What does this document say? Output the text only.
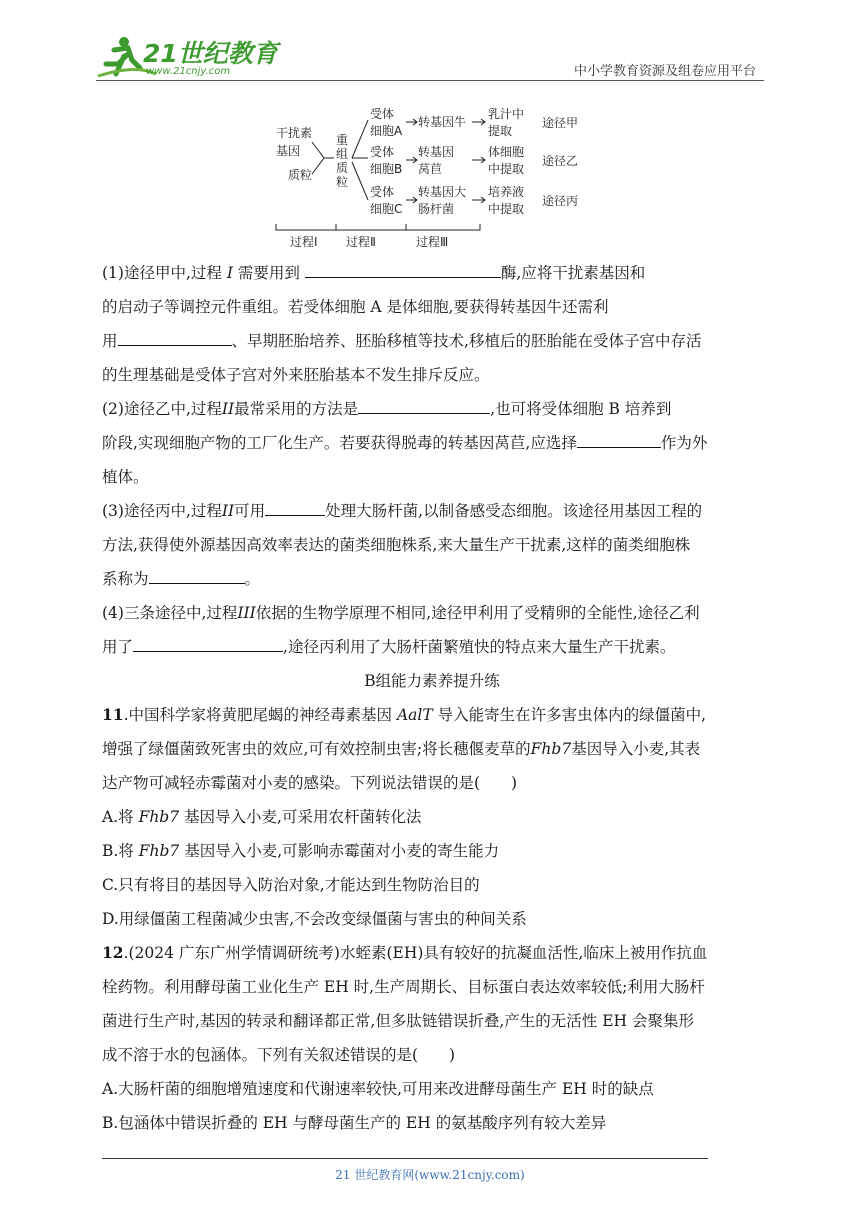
21世纪教育
www.21cnjy.com	中小学教育资源及组卷应用平台
干扰素
基因
质粒
重
组
质
粒
受体
细胞A
受体
细胞B
受体
细胞C
转基因牛
转基因
莴苣
转基因大
肠杆菌
乳汁中
提取
体细胞
中提取
培养液
中提取
途径甲
途径乙
途径丙
过程Ⅰ 过程Ⅱ	过程Ⅲ

(1)途径甲中,过程 I 需要用到	酶,应将干扰素基因和
的启动子等调控元件重组。若受体细胞 A 是体细胞,要获得转基因牛还需利
用	、早期胚胎培养、胚胎移植等技术,移植后的胚胎能在受体子宫中存活
的生理基础是受体子宫对外来胚胎基本不发生排斥反应。

(2)途径乙中,过程II最常采用的方法是	,也可将受体细胞 B 培养到
阶段,实现细胞产物的工厂化生产。若要获得脱毒的转基因莴苣,应选择	作为外
植体。

(3)途径丙中,过程II可用	处理大肠杆菌,以制备感受态细胞。该途径用基因工程的
方法,获得使外源基因高效率表达的菌类细胞株系,来大量生产干扰素,这样的菌类细胞株
系称为	。

(4)三条途径中,过程III依据的生物学原理不相同,途径甲利用了受精卵的全能性,途径乙利
用了	,途径丙利用了大肠杆菌繁殖快的特点来大量生产干扰素。

B组能力素养提升练

11.中国科学家将黄肥尾蝎的神经毒素基因 AalT 导入能寄生在许多害虫体内的绿僵菌中,
增强了绿僵菌致死害虫的效应,可有效控制虫害;将长穗偃麦草的Fhb7基因导入小麦,其表
达产物可减轻赤霉菌对小麦的感染。下列说法错误的是(　　)
A.将 Fhb7 基因导入小麦,可采用农杆菌转化法
B.将 Fhb7 基因导入小麦,可影响赤霉菌对小麦的寄生能力
C.只有将目的基因导入防治对象,才能达到生物防治目的
D.用绿僵菌工程菌减少虫害,不会改变绿僵菌与害虫的种间关系

12.(2024 广东广州学情调研统考)水蛭素(EH)具有较好的抗凝血活性,临床上被用作抗血
栓药物。利用酵母菌工业化生产 EH 时,生产周期长、目标蛋白表达效率较低;利用大肠杆
菌进行生产时,基因的转录和翻译都正常,但多肽链错误折叠,产生的无活性 EH 会聚集形
成不溶于水的包涵体。下列有关叙述错误的是(　　)
A.大肠杆菌的细胞增殖速度和代谢速率较快,可用来改进酵母菌生产 EH 时的缺点
B.包涵体中错误折叠的 EH 与酵母菌生产的 EH 的氨基酸序列有较大差异

21 世纪教育网(www.21cnjy.com)
